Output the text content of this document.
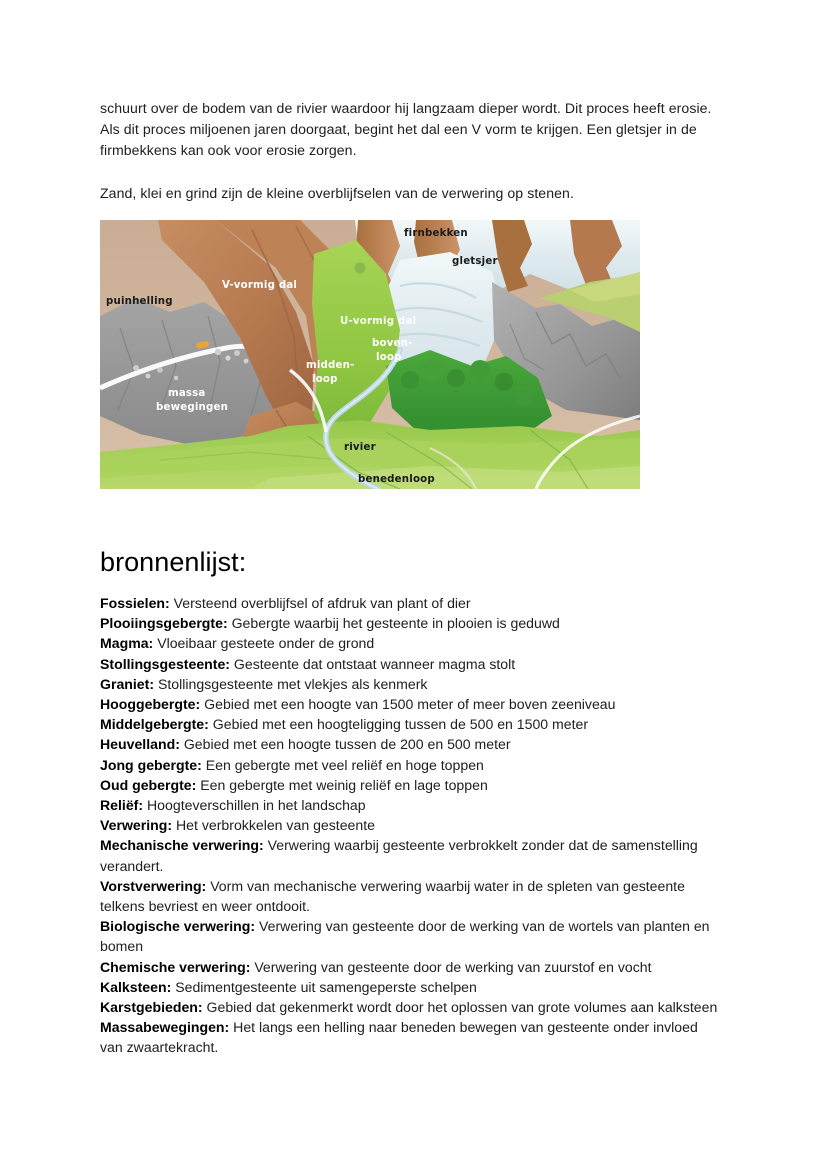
schuurt over de bodem van de rivier waardoor hij langzaam dieper wordt. Dit proces heeft erosie. Als dit proces miljoenen jaren doorgaat, begint het dal een V vorm te krijgen. Een gletsjer in de firmbekkens kan ook voor erosie zorgen.

Zand, klei en grind zijn de kleine overblijfselen van de verwering op stenen.

firnbekken
gletsjer
V-vormig dal
puinhelling
U-vormig dal
boven-
loop
midden-
loop
massa
bewegingen
rivier
benedenloop
bronnenlijst:
Fossielen: Versteend overblijfsel of afdruk van plant of dier
Plooiingsgebergte: Gebergte waarbij het gesteente in plooien is geduwd
Magma: Vloeibaar gesteete onder de grond
Stollingsgesteente: Gesteente dat ontstaat wanneer magma stolt
Graniet: Stollingsgesteente met vlekjes als kenmerk
Hooggebergte: Gebied met een hoogte van 1500 meter of meer boven zeeniveau
Middelgebergte: Gebied met een hoogteligging tussen de 500 en 1500 meter
Heuvelland: Gebied met een hoogte tussen de 200 en 500 meter
Jong gebergte: Een gebergte met veel reliëf en hoge toppen
Oud gebergte: Een gebergte met weinig reliëf en lage toppen
Reliëf: Hoogteverschillen in het landschap
Verwering: Het verbrokkelen van gesteente
Mechanische verwering: Verwering waarbij gesteente verbrokkelt zonder dat de samenstelling verandert.
Vorstverwering: Vorm van mechanische verwering waarbij water in de spleten van gesteente telkens bevriest en weer ontdooit.
Biologische verwering: Verwering van gesteente door de werking van de wortels van planten en bomen
Chemische verwering: Verwering van gesteente door de werking van zuurstof en vocht
Kalksteen: Sedimentgesteente uit samengeperste schelpen
Karstgebieden: Gebied dat gekenmerkt wordt door het oplossen van grote volumes aan kalksteen
Massabewegingen: Het langs een helling naar beneden bewegen van gesteente onder invloed van zwaartekracht.
